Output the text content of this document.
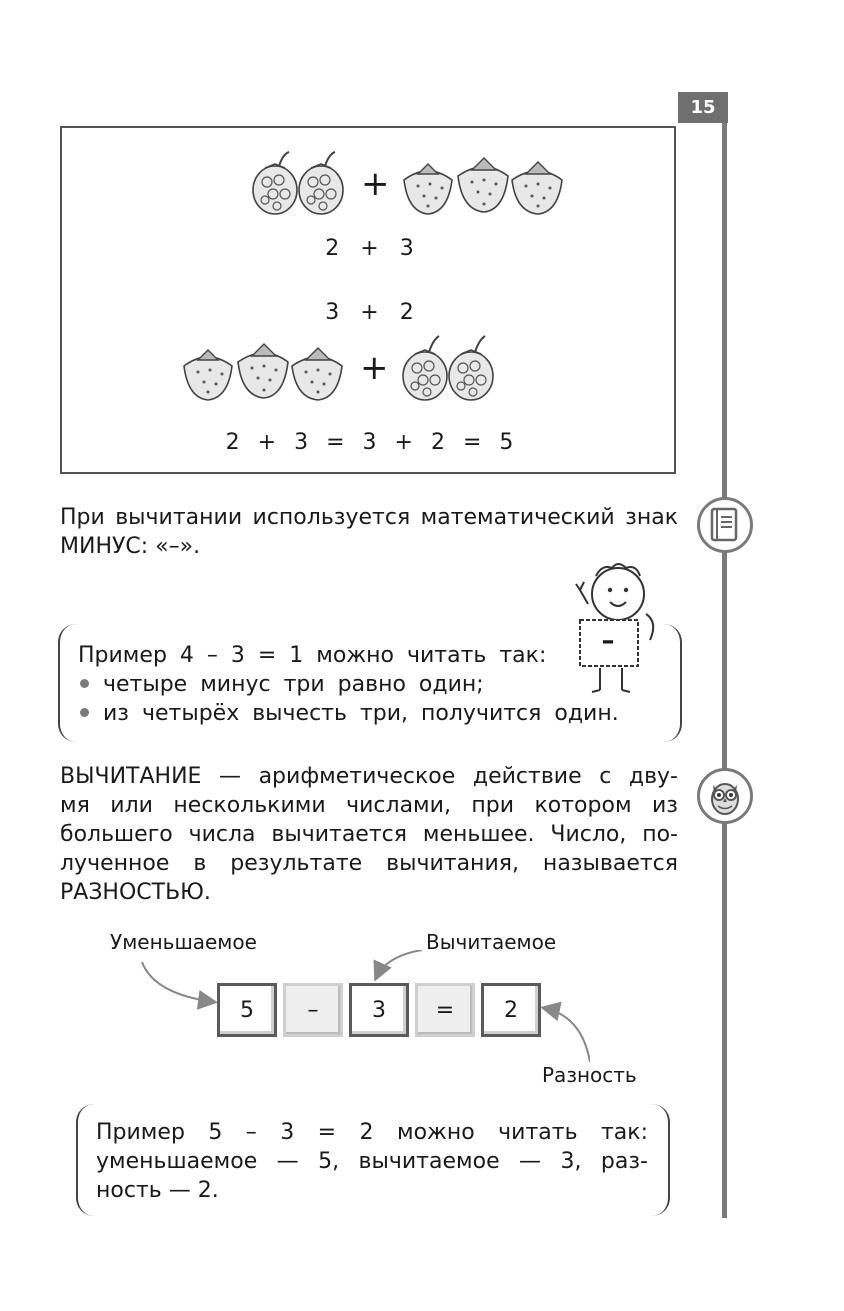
15
+
2 + 3
3 + 2
+
2 + 3 = 3 + 2 = 5
При вычитании используется математический знак
МИНУС: «–».
–
Пример 4 – 3 = 1 можно читать так:
четыре минус три равно один;
из четырёх вычесть три, получится один.
ВЫЧИТАНИЕ — арифметическое действие с дву-
мя или несколькими числами, при котором из
большего числа вычитается меньшее. Число, по-
лученное в результате вычитания, называется
РАЗНОСТЬЮ.
Уменьшаемое	Вычитаемое
Разность
5	–	3	=	2
Пример 5 – 3 = 2 можно читать так:
уменьшаемое — 5, вычитаемое — 3, раз-
ность — 2.
